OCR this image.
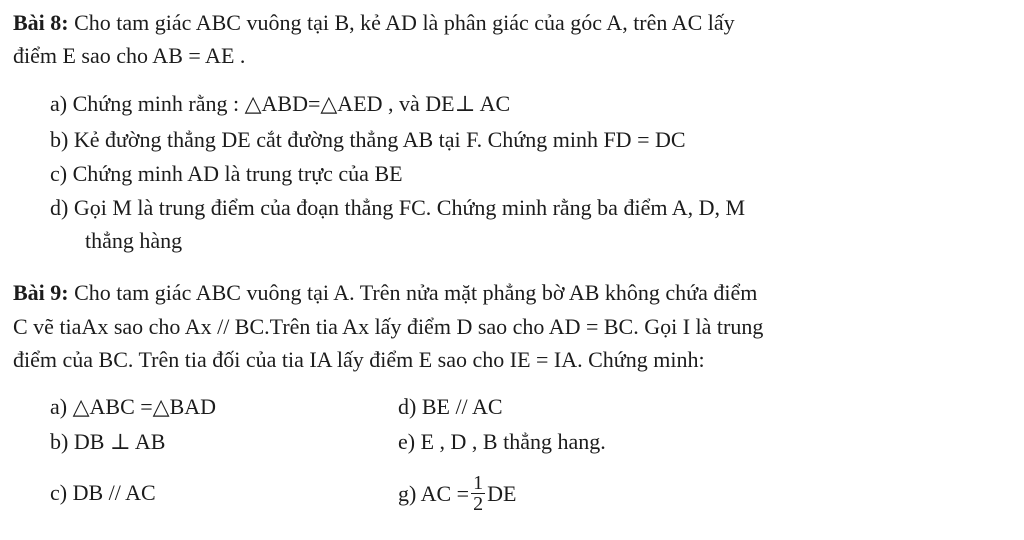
Bài 8: Cho tam giác ABC vuông tại B, kẻ AD là phân giác của góc A, trên AC lấy
điểm E sao cho AB = AE .
a) Chứng minh rằng : △ABD=△AED , và DE⊥ AC
b) Kẻ đường thẳng DE cắt đường thẳng AB tại F. Chứng minh FD = DC
c) Chứng minh AD là trung trực của BE
d) Gọi M là trung điểm của đoạn thẳng FC. Chứng minh rằng ba điểm A, D, M
thẳng hàng
Bài 9: Cho tam giác ABC vuông tại A. Trên nửa mặt phẳng bờ AB không chứa điểm
C vẽ tiaAx sao cho Ax // BC.Trên tia Ax lấy điểm D sao cho AD = BC. Gọi I là trung
điểm của BC. Trên tia đối của tia IA lấy điểm E sao cho IE = IA. Chứng minh:
a) △ABC =△BAD
b) DB ⊥ AB
c) DB // AC
d) BE // AC
e) E , D , B thẳng hang.
g) AC = $\frac{1}{2}$ DE
